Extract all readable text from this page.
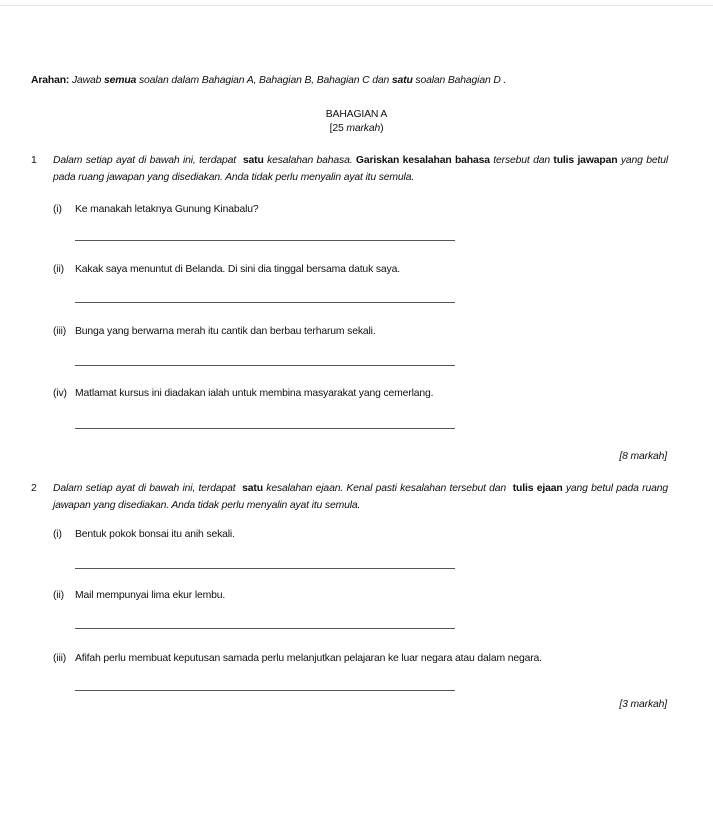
Arahan: Jawab semua soalan dalam Bahagian A, Bahagian B, Bahagian C dan satu soalan Bahagian D .
BAHAGIAN A
[25 markah)
1 Dalam setiap ayat di bawah ini, terdapat satu kesalahan bahasa. Gariskan kesalahan bahasa tersebut dan tulis jawapan yang betul pada ruang jawapan yang disediakan. Anda tidak perlu menyalin ayat itu semula.
(i) Ke manakah letaknya Gunung Kinabalu?
(ii) Kakak saya menuntut di Belanda. Di sini dia tinggal bersama datuk saya.
(iii) Bunga yang berwarna merah itu cantik dan berbau terharum sekali.
(iv) Matlamat kursus ini diadakan ialah untuk membina masyarakat yang cemerlang.
[8 markah]
2 Dalam setiap ayat di bawah ini, terdapat satu kesalahan ejaan. Kenal pasti kesalahan tersebut dan tulis ejaan yang betul pada ruang jawapan yang disediakan. Anda tidak perlu menyalin ayat itu semula.
(i) Bentuk pokok bonsai itu anih sekali.
(ii) Mail mempunyai lima ekur lembu.
(iii) Afifah perlu membuat keputusan samada perlu melanjutkan pelajaran ke luar negara atau dalam negara.
[3 markah]
